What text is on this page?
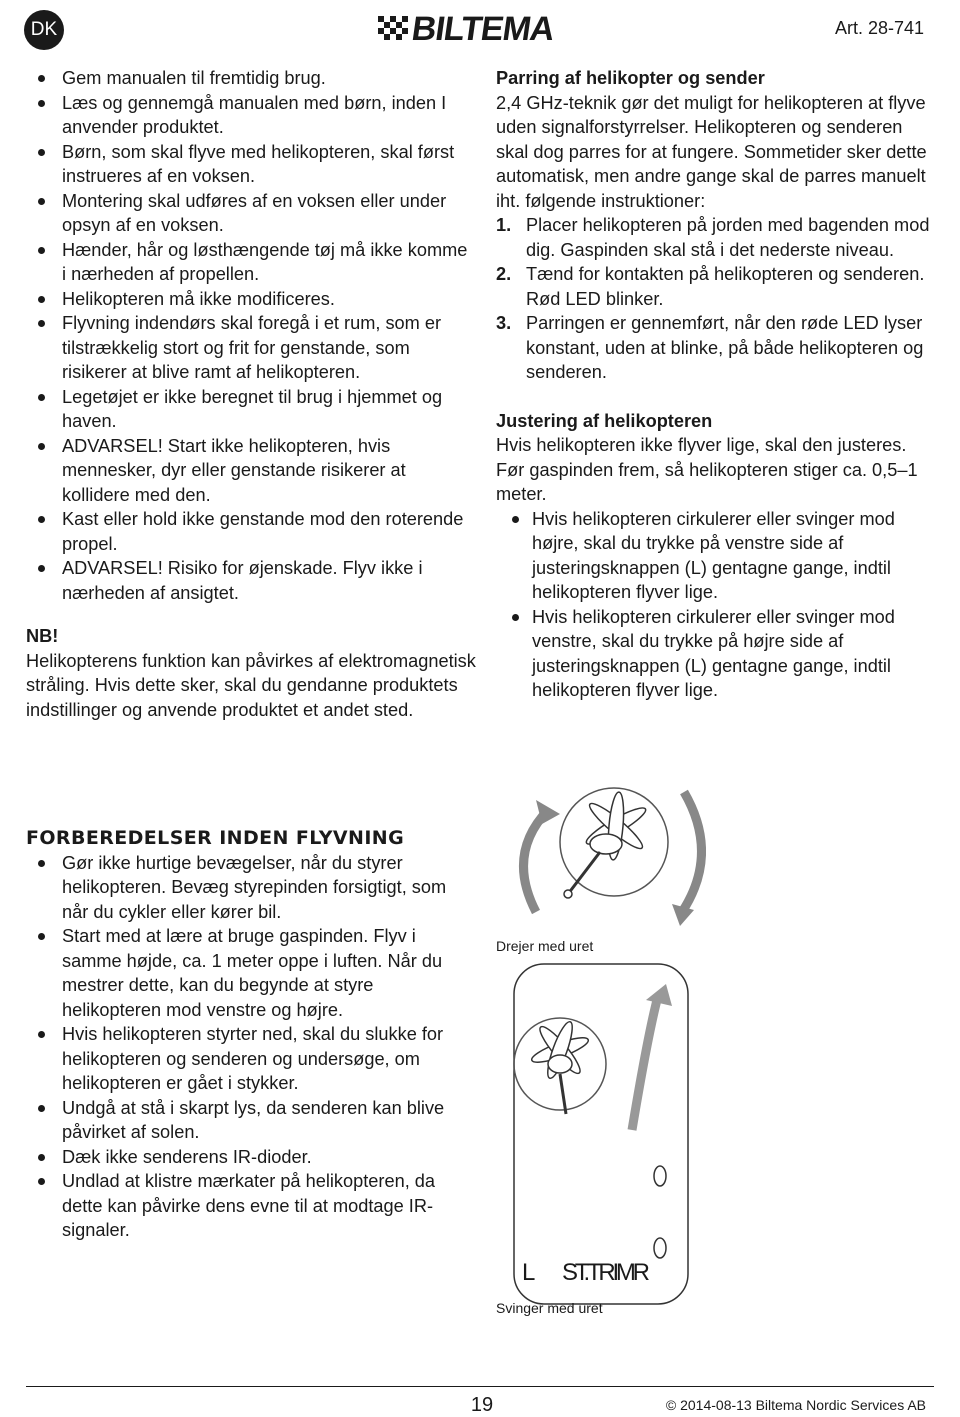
DK	BILTEMA	Art. 28-741
Gem manualen til fremtidig brug.
Læs og gennemgå manualen med børn, inden I anvender produktet.
Børn, som skal flyve med helikopteren, skal først instrueres af en voksen.
Montering skal udføres af en voksen eller under opsyn af en voksen.
Hænder, hår og løsthængende tøj må ikke komme i nærheden af propellen.
Helikopteren må ikke modificeres.
Flyvning indendørs skal foregå i et rum, som er tilstrækkelig stort og frit for genstande, som risikerer at blive ramt af helikopteren.
Legetøjet er ikke beregnet til brug i hjemmet og haven.
ADVARSEL! Start ikke helikopteren, hvis mennesker, dyr eller genstande risikerer at kollidere med den.
Kast eller hold ikke genstande mod den roterende propel.
ADVARSEL! Risiko for øjenskade. Flyv ikke i nærheden af ansigtet.
NB!
Helikopterens funktion kan påvirkes af elektromagnetisk stråling. Hvis dette sker, skal du gendanne produktets indstillinger og anvende produktet et andet sted.
FORBEREDELSER INDEN FLYVNING
Gør ikke hurtige bevægelser, når du styrer helikopteren. Bevæg styrepinden forsigtigt, som når du cykler eller kører bil.
Start med at lære at bruge gaspinden. Flyv i samme højde, ca. 1 meter oppe i luften. Når du mestrer dette, kan du begynde at styre helikopteren mod venstre og højre.
Hvis helikopteren styrter ned, skal du slukke for helikopteren og senderen og undersøge, om helikopteren er gået i stykker.
Undgå at stå i skarpt lys, da senderen kan blive påvirket af solen.
Dæk ikke senderens IR-dioder.
Undlad at klistre mærkater på helikopteren, da dette kan påvirke dens evne til at modtage IR-signaler.
Parring af helikopter og sender
2,4 GHz-teknik gør det muligt for helikopteren at flyve uden signalforstyrrelser. Helikopteren og senderen skal dog parres for at fungere. Sommetider sker dette automatisk, men andre gange skal de parres manuelt iht. følgende instruktioner:
1. Placer helikopteren på jorden med bagenden mod dig. Gaspinden skal stå i det nederste niveau.
2. Tænd for kontakten på helikopteren og senderen. Rød LED blinker.
3. Parringen er gennemført, når den røde LED lyser konstant, uden at blinke, på både helikopteren og senderen.
Justering af helikopteren
Hvis helikopteren ikke flyver lige, skal den justeres. Før gaspinden frem, så helikopteren stiger ca. 0,5–1 meter.
Hvis helikopteren cirkulerer eller svinger mod højre, skal du trykke på venstre side af justeringsknappen (L) gentagne gange, indtil helikopteren flyver lige.
Hvis helikopteren cirkulerer eller svinger mod venstre, skal du trykke på højre side af justeringsknappen (L) gentagne gange, indtil helikopteren flyver lige.
L ST.TRIMR
Drejer med uret
Svinger med uret
19	© 2014-08-13 Biltema Nordic Services AB
